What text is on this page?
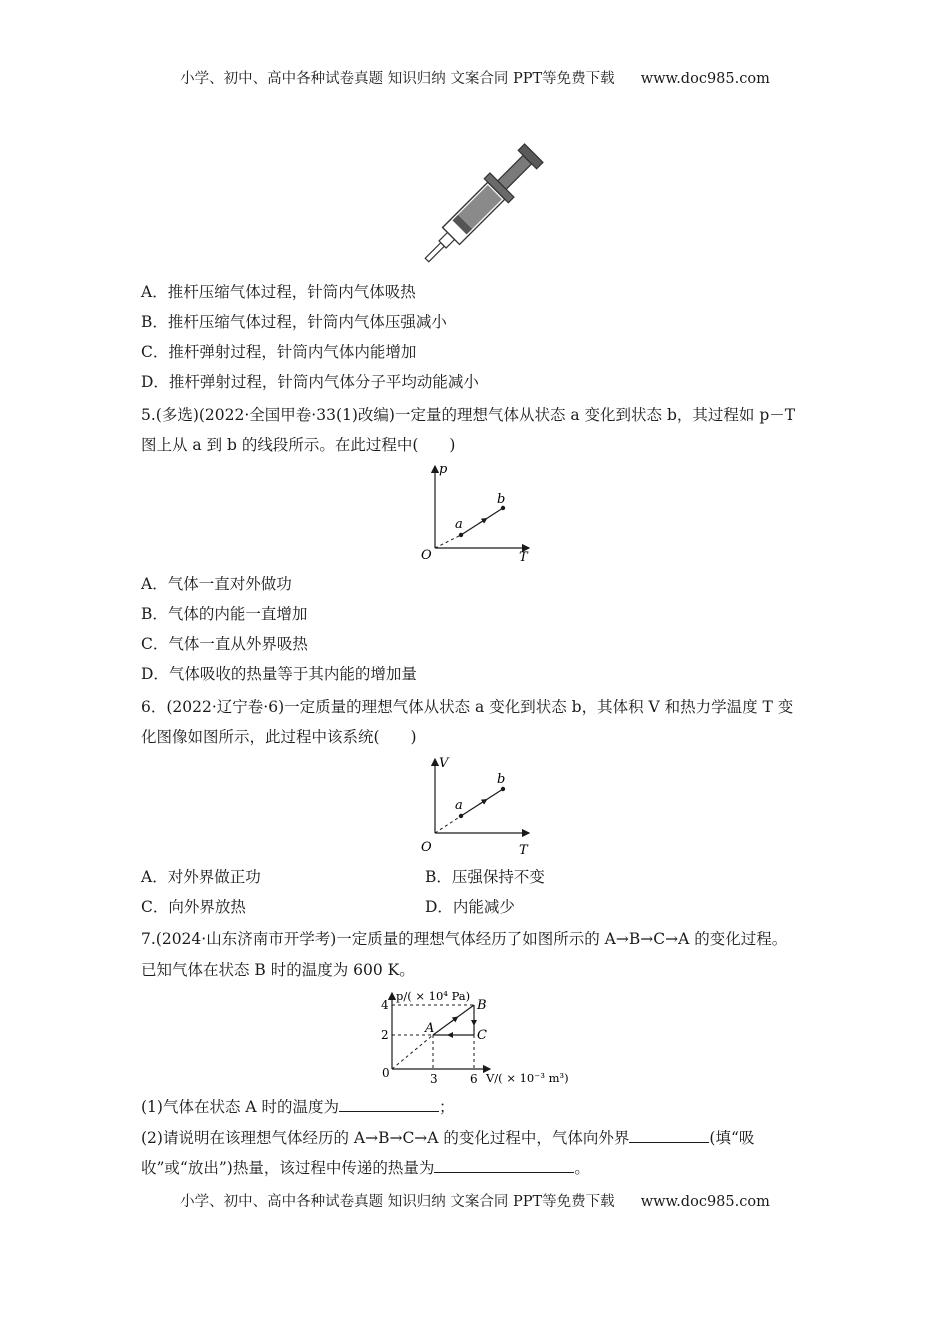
小学、初中、高中各种试卷真题 知识归纳 文案合同 PPT等免费下载 www.doc985.com
A．推杆压缩气体过程，针筒内气体吸热
B．推杆压缩气体过程，针筒内气体压强减小
C．推杆弹射过程，针筒内气体内能增加
D．推杆弹射过程，针筒内气体分子平均动能减小
5.(多选)(2022·全国甲卷·33(1)改编)一定量的理想气体从状态 a 变化到状态 b，其过程如 p－T
图上从 a 到 b 的线段所示。在此过程中(　　)
p
T
O
a
b
A．气体一直对外做功
B．气体的内能一直增加
C．气体一直从外界吸热
D．气体吸收的热量等于其内能的增加量
6．(2022·辽宁卷·6)一定质量的理想气体从状态 a 变化到状态 b，其体积 V 和热力学温度 T 变
化图像如图所示，此过程中该系统(　　)
V
T
O
a
b
A．对外界做正功	B．压强保持不变
C．向外界放热	D．内能减少
7.(2024·山东济南市开学考)一定质量的理想气体经历了如图所示的 A→B→C→A 的变化过程。
已知气体在状态 B 时的温度为 600 K。
p/( × 10⁴ Pa)
V/( × 10⁻³ m³)
0
4
2
3	6
A
B
C
(1)气体在状态 A 时的温度为	；
(2)请说明在该理想气体经历的 A→B→C→A 的变化过程中，气体向外界	(填“吸
收”或“放出”)热量，该过程中传递的热量为	。
小学、初中、高中各种试卷真题 知识归纳 文案合同 PPT等免费下载 www.doc985.com
